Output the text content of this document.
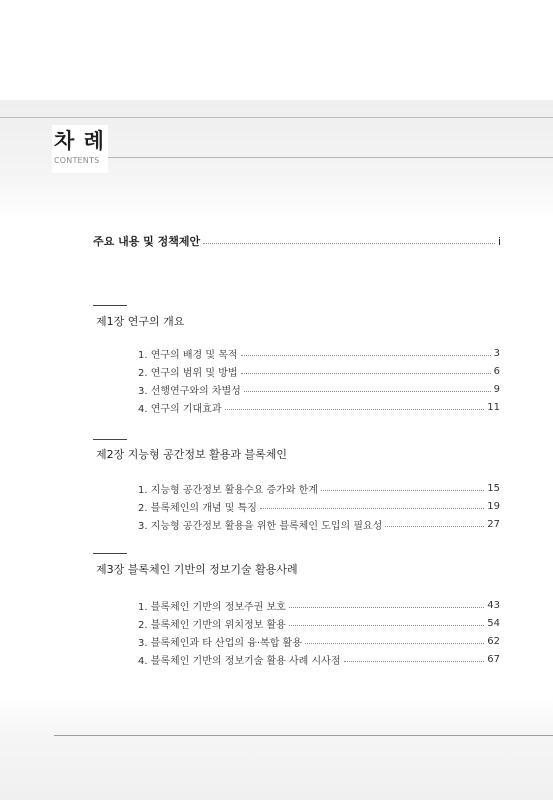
차 례

CONTENTS

주요 내용 및 정책제안	i

제1장 연구의 개요

1. 연구의 배경 및 목적	3
2. 연구의 범위 및 방법	6
3. 선행연구와의 차별성	9
4. 연구의 기대효과	11

제2장 지능형 공간정보 활용과 블록체인

1. 지능형 공간정보 활용수요 증가와 한계	15
2. 블록체인의 개념 및 특징	19
3. 지능형 공간정보 활용을 위한 블록체인 도입의 필요성	27

제3장 블록체인 기반의 정보기술 활용사례

1. 블록체인 기반의 정보주권 보호	43
2. 블록체인 기반의 위치정보 활용	54
3. 블록체인과 타 산업의 융·복합 활용	62
4. 블록체인 기반의 정보기술 활용 사례 시사점	67
